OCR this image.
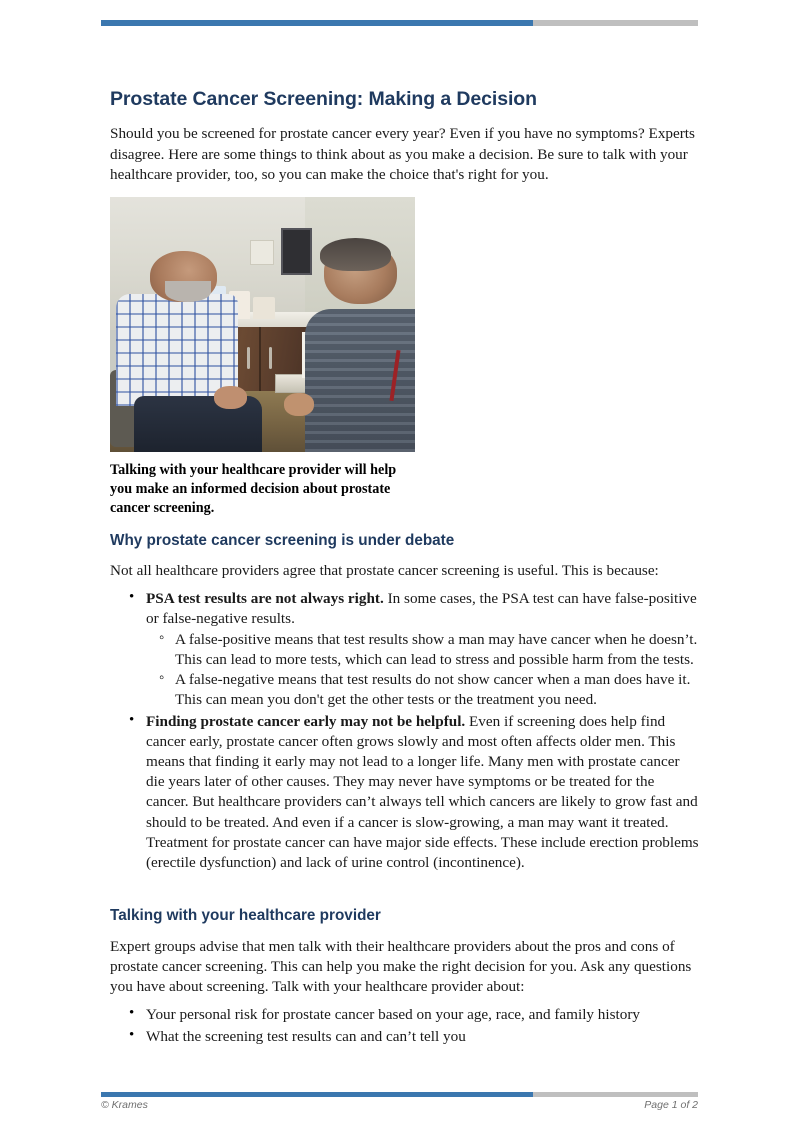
Prostate Cancer Screening: Making a Decision

Should you be screened for prostate cancer every year? Even if you have no symptoms? Experts disagree. Here are some things to think about as you make a decision. Be sure to talk with your healthcare provider, too, so you can make the choice that's right for you.

Talking with your healthcare provider will help you make an informed decision about prostate cancer screening.
Why prostate cancer screening is under debate

Not all healthcare providers agree that prostate cancer screening is useful. This is because:

• PSA test results are not always right. In some cases, the PSA test can have false-positive or false-negative results.
◦ A false-positive means that test results show a man may have cancer when he doesn’t. This can lead to more tests, which can lead to stress and possible harm from the tests.
◦ A false-negative means that test results do not show cancer when a man does have it. This can mean you don't get the other tests or the treatment you need.
• Finding prostate cancer early may not be helpful. Even if screening does help find cancer early, prostate cancer often grows slowly and most often affects older men. This means that finding it early may not lead to a longer life. Many men with prostate cancer die years later of other causes. They may never have symptoms or be treated for the cancer. But healthcare providers can’t always tell which cancers are likely to grow fast and should to be treated. And even if a cancer is slow-growing, a man may want it treated. Treatment for prostate cancer can have major side effects. These include erection problems (erectile dysfunction) and lack of urine control (incontinence).
Talking with your healthcare provider

Expert groups advise that men talk with their healthcare providers about the pros and cons of prostate cancer screening. This can help you make the right decision for you. Ask any questions you have about screening. Talk with your healthcare provider about:

• Your personal risk for prostate cancer based on your age, race, and family history
• What the screening test results can and can’t tell you
© Krames	Page 1 of 2
